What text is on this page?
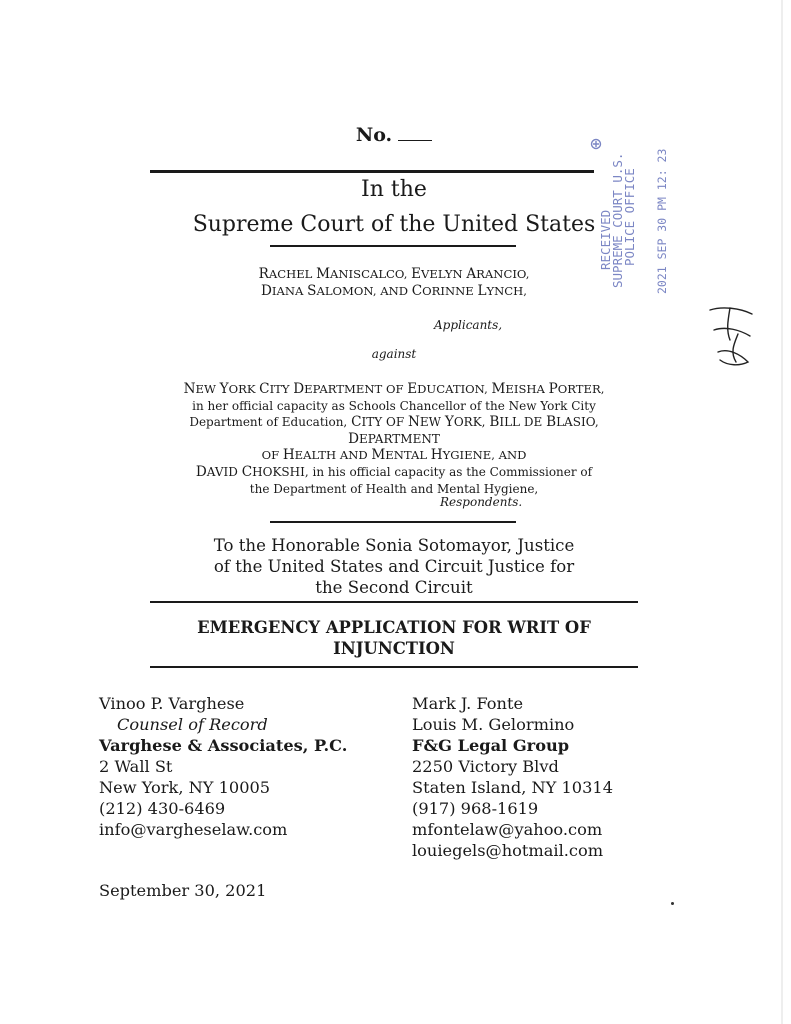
No.
In the
Supreme Court of the United States
RACHEL MANISCALCO, EVELYN ARANCIO,
DIANA SALOMON, AND CORINNE LYNCH,
Applicants,
against
NEW YORK CITY DEPARTMENT OF EDUCATION, MEISHA PORTER,
in her official capacity as Schools Chancellor of the New York City
Department of Education, CITY OF NEW YORK, BILL DE BLASIO, DEPARTMENT
OF HEALTH AND MENTAL HYGIENE, AND
DAVID CHOKSHI, in his official capacity as the Commissioner of
the Department of Health and Mental Hygiene,
Respondents.
To the Honorable Sonia Sotomayor, Justice
of the United States and Circuit Justice for
the Second Circuit
EMERGENCY APPLICATION FOR WRIT OF
INJUNCTION
Vinoo P. Varghese
Counsel of Record
Varghese & Associates, P.C.
2 Wall St
New York, NY 10005
(212) 430-6469
info@vargheselaw.com
Mark J. Fonte
Louis M. Gelormino
F&G Legal Group
2250 Victory Blvd
Staten Island, NY 10314
(917) 968-1619
mfontelaw@yahoo.com
louiegels@hotmail.com
September 30, 2021
RECEIVED
SUPREME COURT U.S.
POLICE OFFICE 2021 SEP 30 PM 12: 23
